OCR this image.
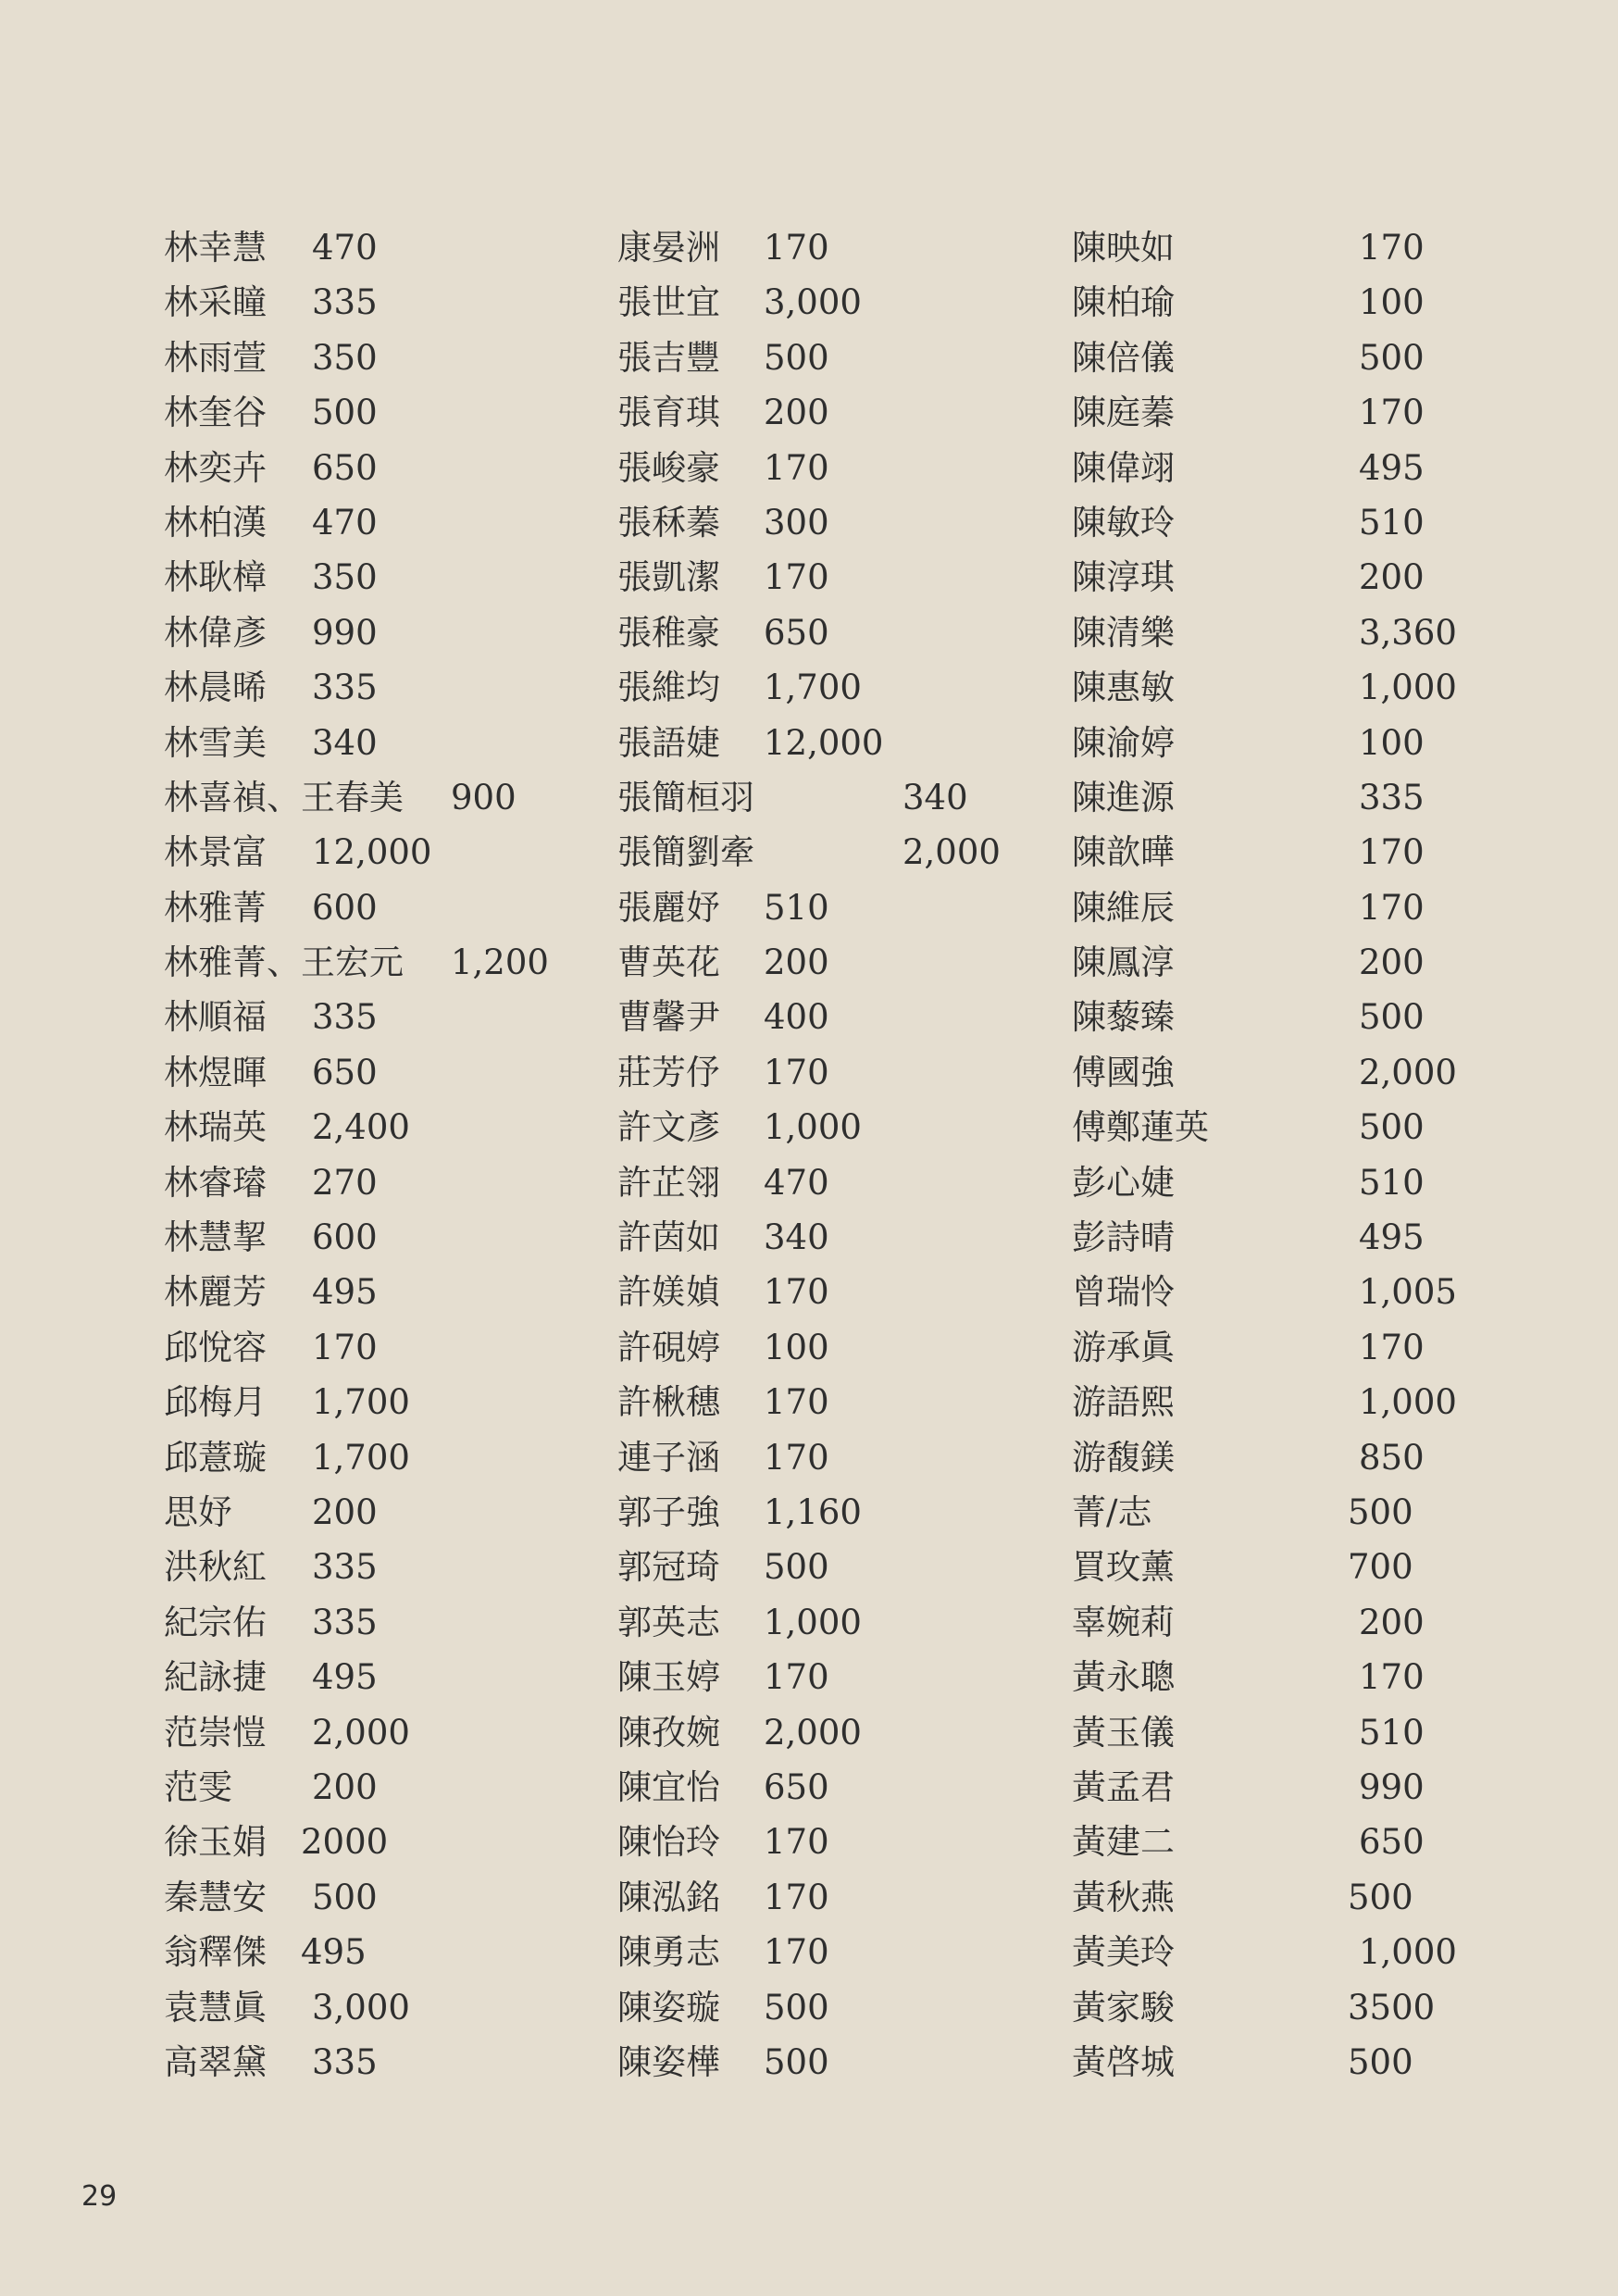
林幸慧 470
林采瞳 335
林雨萱 350
林奎谷 500
林奕卉 650
林柏漢 470
林耿樟 350
林偉彥 990
林晨晞 335
林雪美 340
林喜禎、王春美 900
林景富 12,000
林雅菁 600
林雅菁、王宏元 1,200
林順福 335
林煜暉 650
林瑞英 2,400
林睿璿 270
林慧挈 600
林麗芳 495
邱悅容 170
邱梅月 1,700
邱薏璇 1,700
思妤 200
洪秋紅 335
紀宗佑 335
紀詠捷 495
范崇愷 2,000
范雯 200
徐玉娟 2000
秦慧安 500
翁釋傑 495
袁慧眞 3,000
高翠黛 335
康晏洲 170
張世宜 3,000
張吉豐 500
張育琪 200
張峻豪 170
張秝蓁 300
張凱潔 170
張稚豪 650
張維均 1,700
張語婕 12,000
張簡桓羽	340
張簡劉牽	2,000
張麗妤 510
曹英花 200
曹馨尹 400
莊芳伃 170
許文彥 1,000
許芷翎 470
許茵如 340
許媄媜 170
許硯婷 100
許楸穗 170
連子涵 170
郭子強 1,160
郭冠琦 500
郭英志 1,000
陳玉婷 170
陳孜婉 2,000
陳宜怡 650
陳怡玲 170
陳泓銘 170
陳勇志 170
陳姿璇 500
陳姿樺 500
陳映如	170
陳柏瑜	100
陳倍儀	500
陳庭蓁	170
陳偉翊	495
陳敏玲	510
陳淳琪	200
陳清樂	3,360
陳惠敏	1,000
陳渝婷	100
陳進源	335
陳歆曄	170
陳維辰	170
陳鳳淳	200
陳藜臻	500
傅國強	2,000
傅鄭蓮英	500
彭心婕	510
彭詩晴	495
曾瑞怜	1,005
游承眞	170
游語熙	1,000
游馥鎂	850
菁/志	500
買玫薰	700
辜婉莉	200
黃永聰	170
黃玉儀	510
黃孟君	990
黃建二	650
黃秋燕	500
黃美玲	1,000
黃家駿	3500
黃啓城	500
29
